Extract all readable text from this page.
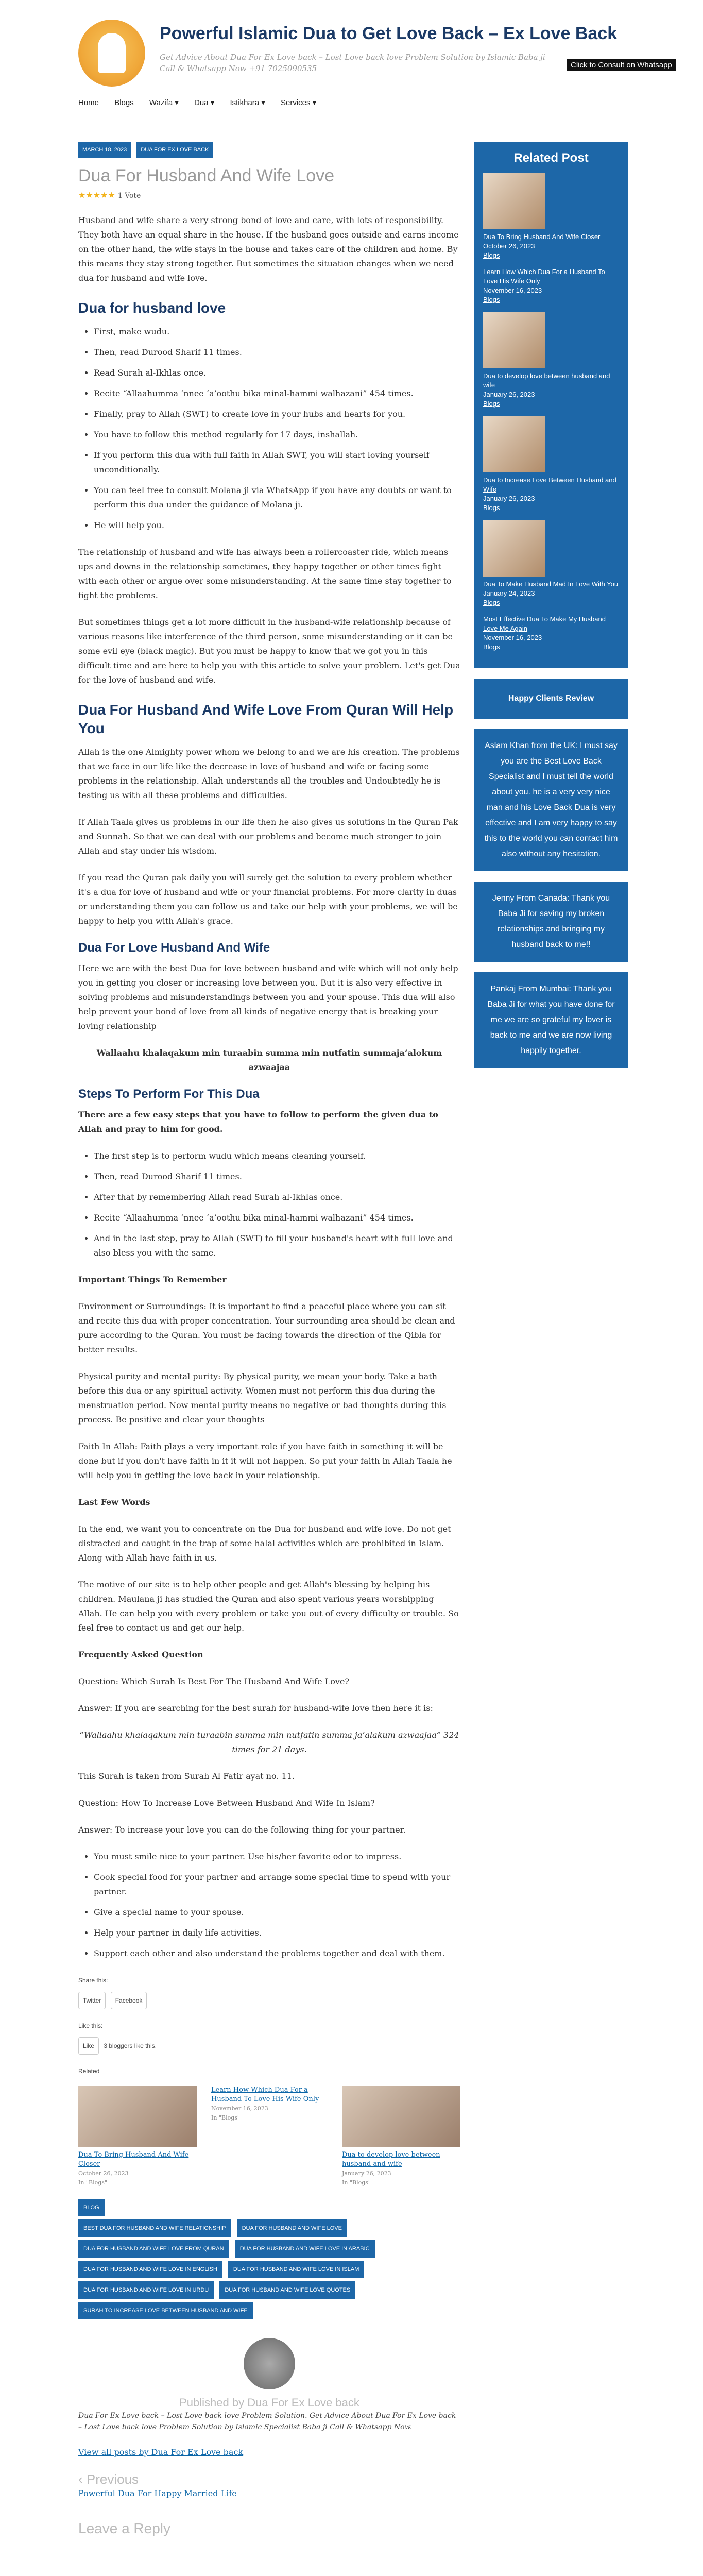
Powerful Islamic Dua to Get Love Back – Ex Love Back
Get Advice About Dua For Ex Love back – Lost Love back love Problem Solution by Islamic Baba ji Call & Whatsapp Now +91 7025090535	Click to Consult on Whatsapp
Home Blogs Wazifa ▾ Dua ▾ Istikhara ▾ Services ▾
MARCH 18, 2023 DUA FOR EX LOVE BACK
Dua For Husband And Wife Love
★★★★★ 1 Vote

Husband and wife share a very strong bond of love and care, with lots of responsibility. They both have an equal share in the house. If the husband goes outside and earns income on the other hand, the wife stays in the house and takes care of the children and home. By this means they stay strong together. But sometimes the situation changes when we need dua for husband and wife love.

Dua for husband love
• First, make wudu.
• Then, read Durood Sharif 11 times.
• Read Surah al-Ikhlas once.
• Recite “Allaahumma ‘nnee ‘a’oothu bika minal-hammi walhazani” 454 times.
• Finally, pray to Allah (SWT) to create love in your hubs and hearts for you.
• You have to follow this method regularly for 17 days, inshallah.
• If you perform this dua with full faith in Allah SWT, you will start loving yourself unconditionally.
• You can feel free to consult Molana ji via WhatsApp if you have any doubts or want to perform this dua under the guidance of Molana ji.
• He will help you.

The relationship of husband and wife has always been a rollercoaster ride, which means ups and downs in the relationship sometimes, they happy together or other times fight with each other or argue over some misunderstanding. At the same time stay together to fight the problems.

But sometimes things get a lot more difficult in the husband-wife relationship because of various reasons like interference of the third person, some misunderstanding or it can be some evil eye (black magic). But you must be happy to know that we got you in this difficult time and are here to help you with this article to solve your problem. Let's get Dua for the love of husband and wife.

Dua For Husband And Wife Love From Quran Will Help You

Allah is the one Almighty power whom we belong to and we are his creation. The problems that we face in our life like the decrease in love of husband and wife or facing some problems in the relationship. Allah understands all the troubles and Undoubtedly he is testing us with all these problems and difficulties.

If Allah Taala gives us problems in our life then he also gives us solutions in the Quran Pak and Sunnah. So that we can deal with our problems and become much stronger to join Allah and stay under his wisdom.

If you read the Quran pak daily you will surely get the solution to every problem whether it's a dua for love of husband and wife or your financial problems. For more clarity in duas or understanding them you can follow us and take our help with your problems, we will be happy to help you with Allah's grace.

Dua For Love Husband And Wife

Here we are with the best Dua for love between husband and wife which will not only help you in getting you closer or increasing love between you. But it is also very effective in solving problems and misunderstandings between you and your spouse. This dua will also help prevent your bond of love from all kinds of negative energy that is breaking your loving relationship

Wallaahu khalaqakum min turaabin summa min nutfatin summaja’alokum azwaajaa
Steps To Perform For This Dua

There are a few easy steps that you have to follow to perform the given dua to Allah and pray to him for good.

• The first step is to perform wudu which means cleaning yourself.
• Then, read Durood Sharif 11 times.
• After that by remembering Allah read Surah al-Ikhlas once.
• Recite “Allaahumma ‘nnee ‘a’oothu bika minal-hammi walhazani” 454 times.
• And in the last step, pray to Allah (SWT) to fill your husband's heart with full love and also bless you with the same.

Important Things To Remember

Environment or Surroundings: It is important to find a peaceful place where you can sit and recite this dua with proper concentration. Your surrounding area should be clean and pure according to the Quran. You must be facing towards the direction of the Qibla for better results.

Physical purity and mental purity: By physical purity, we mean your body. Take a bath before this dua or any spiritual activity. Women must not perform this dua during the menstruation period. Now mental purity means no negative or bad thoughts during this process. Be positive and clear your thoughts

Faith In Allah: Faith plays a very important role if you have faith in something it will be done but if you don't have faith in it it will not happen. So put your faith in Allah Taala he will help you in getting the love back in your relationship.

Last Few Words

In the end, we want you to concentrate on the Dua for husband and wife love. Do not get distracted and caught in the trap of some halal activities which are prohibited in Islam. Along with Allah have faith in us.

The motive of our site is to help other people and get Allah's blessing by helping his children. Maulana ji has studied the Quran and also spent various years worshipping Allah. He can help you with every problem or take you out of every difficulty or trouble. So feel free to contact us and get our help.

Frequently Asked Question

Question: Which Surah Is Best For The Husband And Wife Love?

Answer: If you are searching for the best surah for husband-wife love then here it is:

“Wallaahu khalaqakum min turaabin summa min nutfatin summa ja’alakum azwaajaa” 324 times for 21 days.

This Surah is taken from Surah Al Fatir ayat no. 11.

Question: How To Increase Love Between Husband And Wife In Islam?

Answer: To increase your love you can do the following thing for your partner.

• You must smile nice to your partner. Use his/her favorite odor to impress.
• Cook special food for your partner and arrange some special time to spend with your partner.
• Give a special name to your spouse.
• Help your partner in daily life activities.
• Support each other and also understand the problems together and deal with them.
Share this:
Twitter Facebook
Like this:
Like 3 bloggers like this.
Related
Dua To Bring Husband And Wife Closer
October 26, 2023
In "Blogs"
Learn How Which Dua For a Husband To Love His Wife Only
November 16, 2023
In "Blogs"
Dua to develop love between husband and wife
January 26, 2023
In "Blogs"
BLOG
BEST DUA FOR HUSBAND AND WIFE RELATIONSHIP	DUA FOR HUSBAND AND WIFE LOVE DUA FOR HUSBAND AND WIFE LOVE FROM QURAN	DUA FOR HUSBAND AND WIFE LOVE IN ARABIC DUA FOR HUSBAND AND WIFE LOVE IN ENGLISH	DUA FOR HUSBAND AND WIFE LOVE IN ISLAM DUA FOR HUSBAND AND WIFE LOVE IN URDU	DUA FOR HUSBAND AND WIFE LOVE QUOTES SURAH TO INCREASE LOVE BETWEEN HUSBAND AND WIFE
Published by Dua For Ex Love back

Dua For Ex Love back – Lost Love back love Problem Solution. Get Advice About Dua For Ex Love back – Lost Love back love Problem Solution by Islamic Specialist Baba ji Call & Whatsapp Now.

View all posts by Dua For Ex Love back
‹ Previous
Powerful Dua For Happy Married Life
Leave a Reply
Related Post
Dua To Bring Husband And Wife Closer
October 26, 2023
Blogs
Learn How Which Dua For a Husband To Love His Wife Only
November 16, 2023
Blogs
Dua to develop love between husband and wife
January 26, 2023
Blogs
Dua to Increase Love Between Husband and Wife
January 26, 2023
Blogs
Dua To Make Husband Mad In Love With You
January 24, 2023
Blogs
Most Effective Dua To Make My Husband Love Me Again
November 16, 2023
Blogs
Happy Clients Review
Aslam Khan from the UK: I must say you are the Best Love Back Specialist and I must tell the world about you. he is a very very nice man and his Love Back Dua is very effective and I am very happy to say this to the world you can contact him also without any hesitation.
Jenny From Canada: Thank you Baba Ji for saving my broken relationships and bringing my husband back to me!!
Pankaj From Mumbai: Thank you Baba Ji for what you have done for me we are so grateful my lover is back to me and we are now living happily together.
